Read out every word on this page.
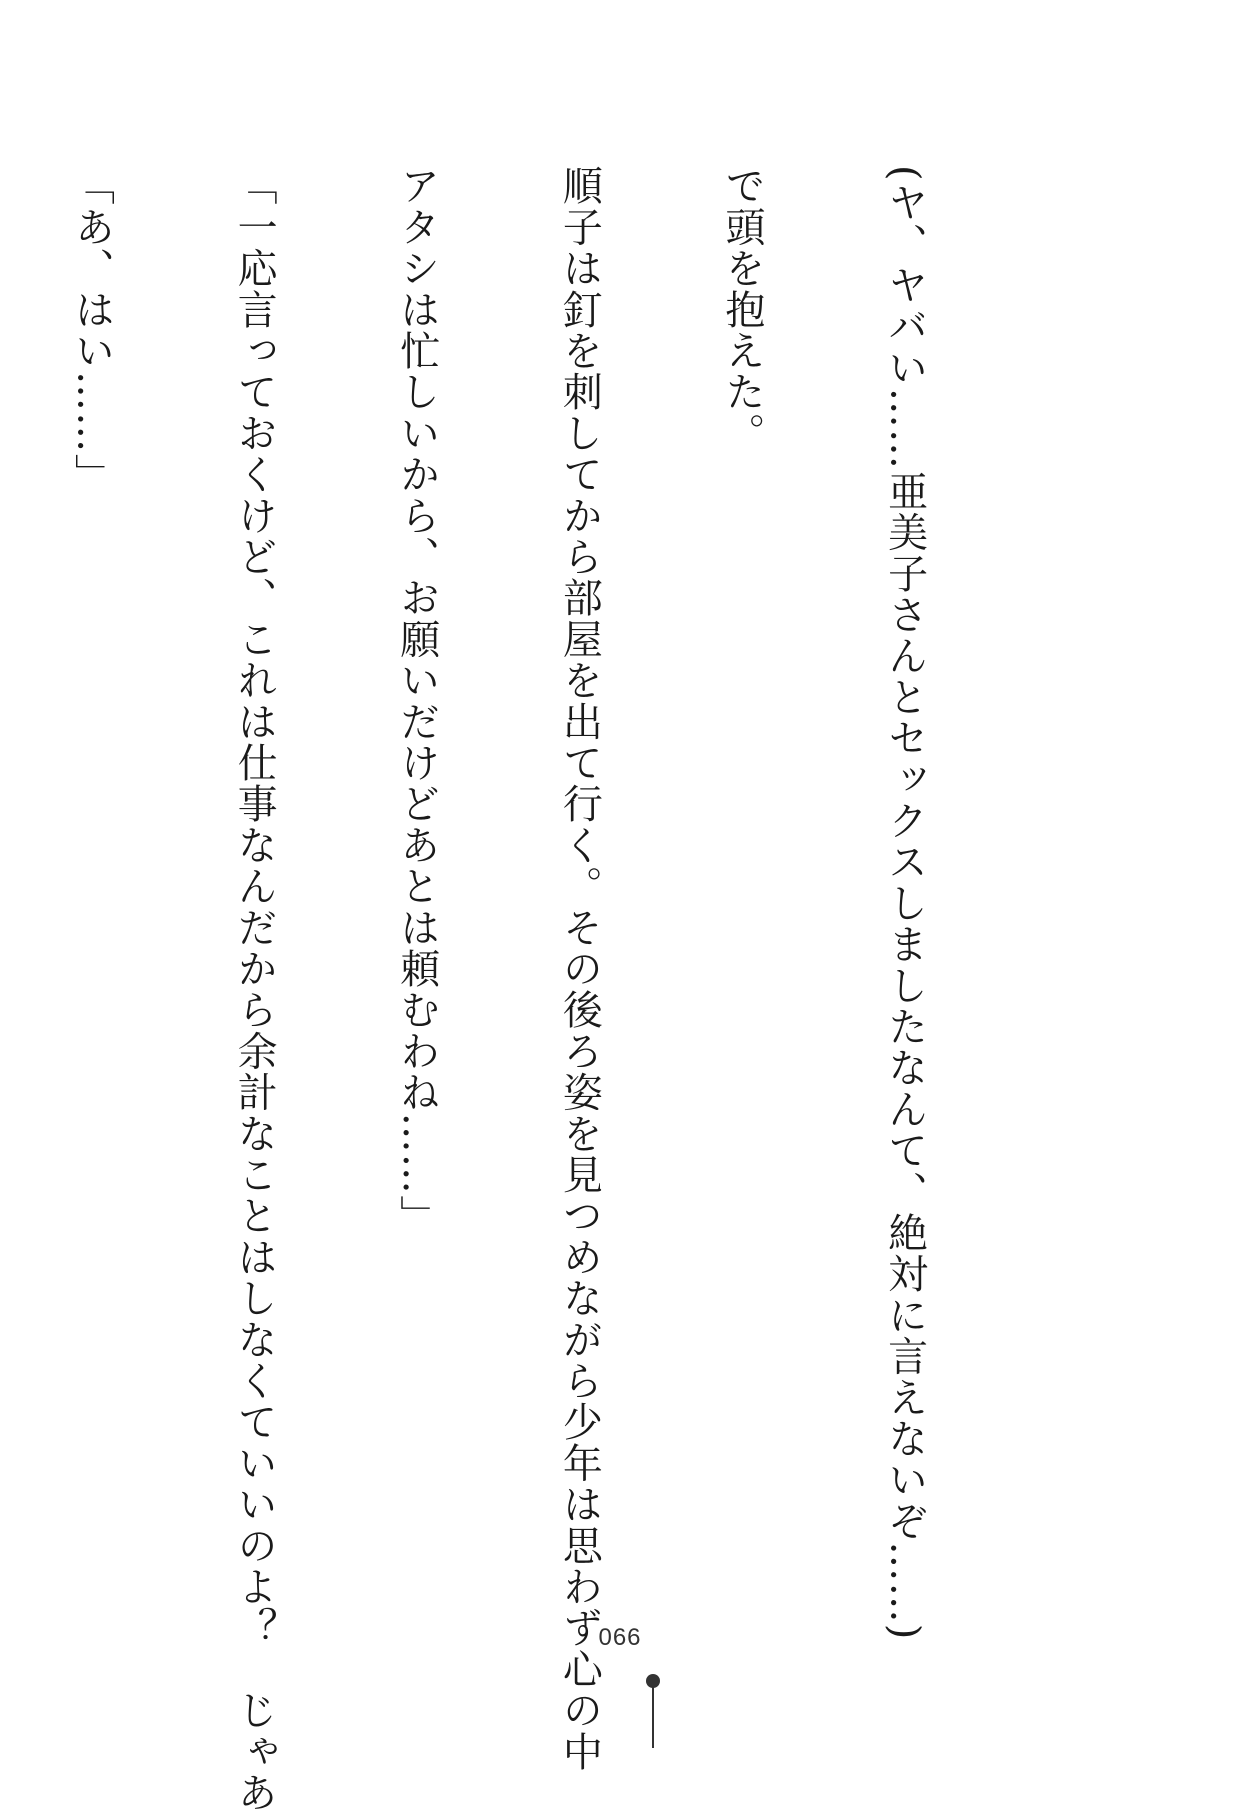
(ヤ、ヤバい……亜美子さんとセックスしましたなんて、絶対に言えないぞ……)

で頭を抱えた。

順子は釘を刺してから部屋を出て行く。その後ろ姿を見つめながら少年は思わず心の中

アタシは忙しいから、お願いだけどあとは頼むわね……」

「一応言っておくけど、これは仕事なんだから余計なことはしなくていいのよ？　じゃあ

「あ、はい……」

066
